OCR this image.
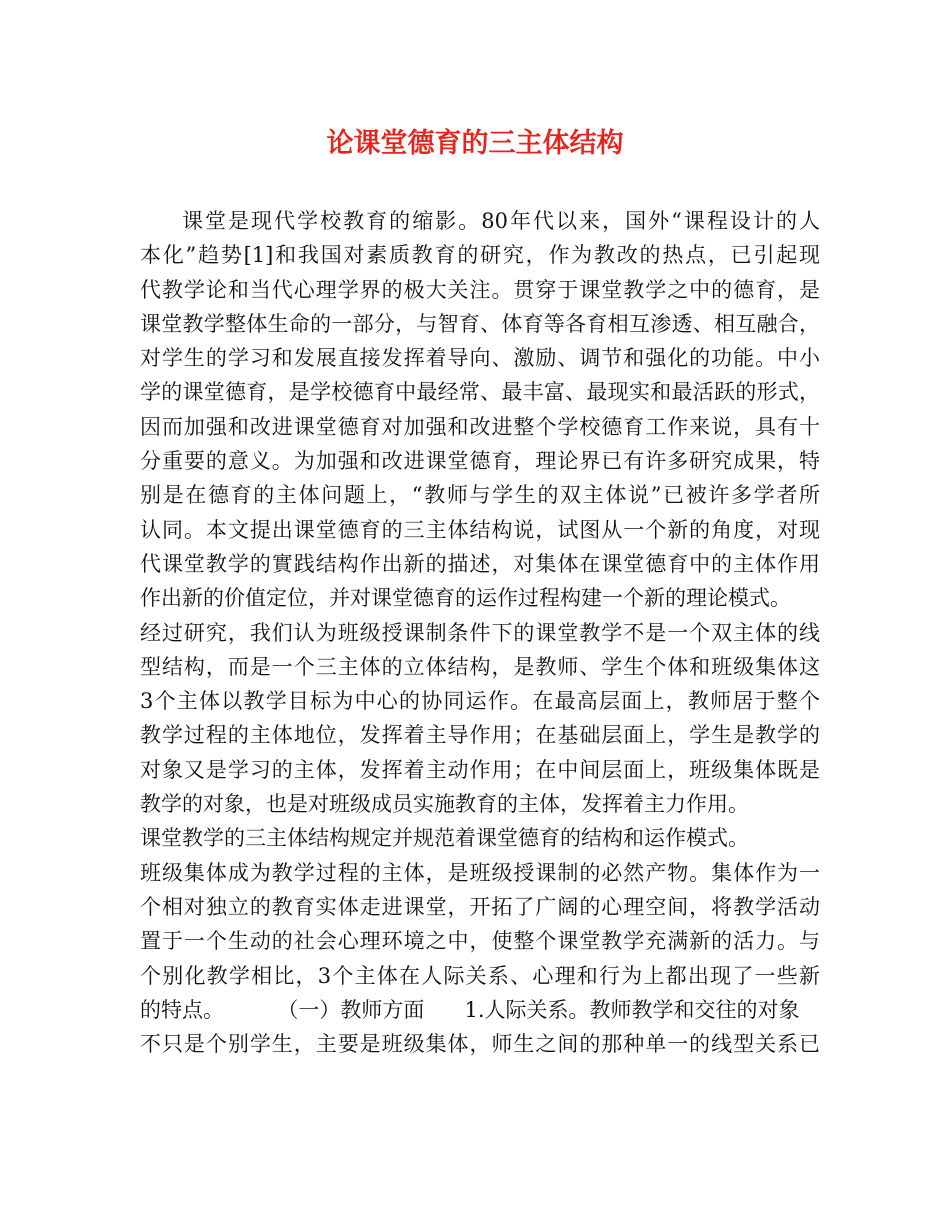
论课堂德育的三主体结构
课堂是现代学校教育的缩影。80年代以来，国外“课程设计的人
本化”趋势[1]和我国对素质教育的研究，作为教改的热点，已引起现
代教学论和当代心理学界的极大关注。贯穿于课堂教学之中的德育，是
课堂教学整体生命的一部分，与智育、体育等各育相互渗透、相互融合，
对学生的学习和发展直接发挥着导向、激励、调节和强化的功能。中小
学的课堂德育，是学校德育中最经常、最丰富、最现实和最活跃的形式，
因而加强和改进课堂德育对加强和改进整个学校德育工作来说，具有十
分重要的意义。为加强和改进课堂德育，理论界已有许多研究成果，特
别是在德育的主体问题上，“教师与学生的双主体说”已被许多学者所
认同。本文提出课堂德育的三主体结构说，试图从一个新的角度，对现
代课堂教学的實践结构作出新的描述，对集体在课堂德育中的主体作用
作出新的价值定位，并对课堂德育的运作过程构建一个新的理论模式。
经过研究，我们认为班级授课制条件下的课堂教学不是一个双主体的线
型结构，而是一个三主体的立体结构，是教师、学生个体和班级集体这
3个主体以教学目标为中心的协同运作。在最高层面上，教师居于整个
教学过程的主体地位，发挥着主导作用；在基础层面上，学生是教学的
对象又是学习的主体，发挥着主动作用；在中间层面上，班级集体既是
教学的对象，也是对班级成员实施教育的主体，发挥着主力作用。
课堂教学的三主体结构规定并规范着课堂德育的结构和运作模式。
班级集体成为教学过程的主体，是班级授课制的必然产物。集体作为一
个相对独立的教育实体走进课堂，开拓了广阔的心理空间，将教学活动
置于一个生动的社会心理环境之中，使整个课堂教学充满新的活力。与
个别化教学相比，3个主体在人际关系、心理和行为上都出现了一些新
的特点。        （一）教师方面      1.人际关系。教师教学和交往的对象
不只是个别学生，主要是班级集体，师生之间的那种单一的线型关系已
